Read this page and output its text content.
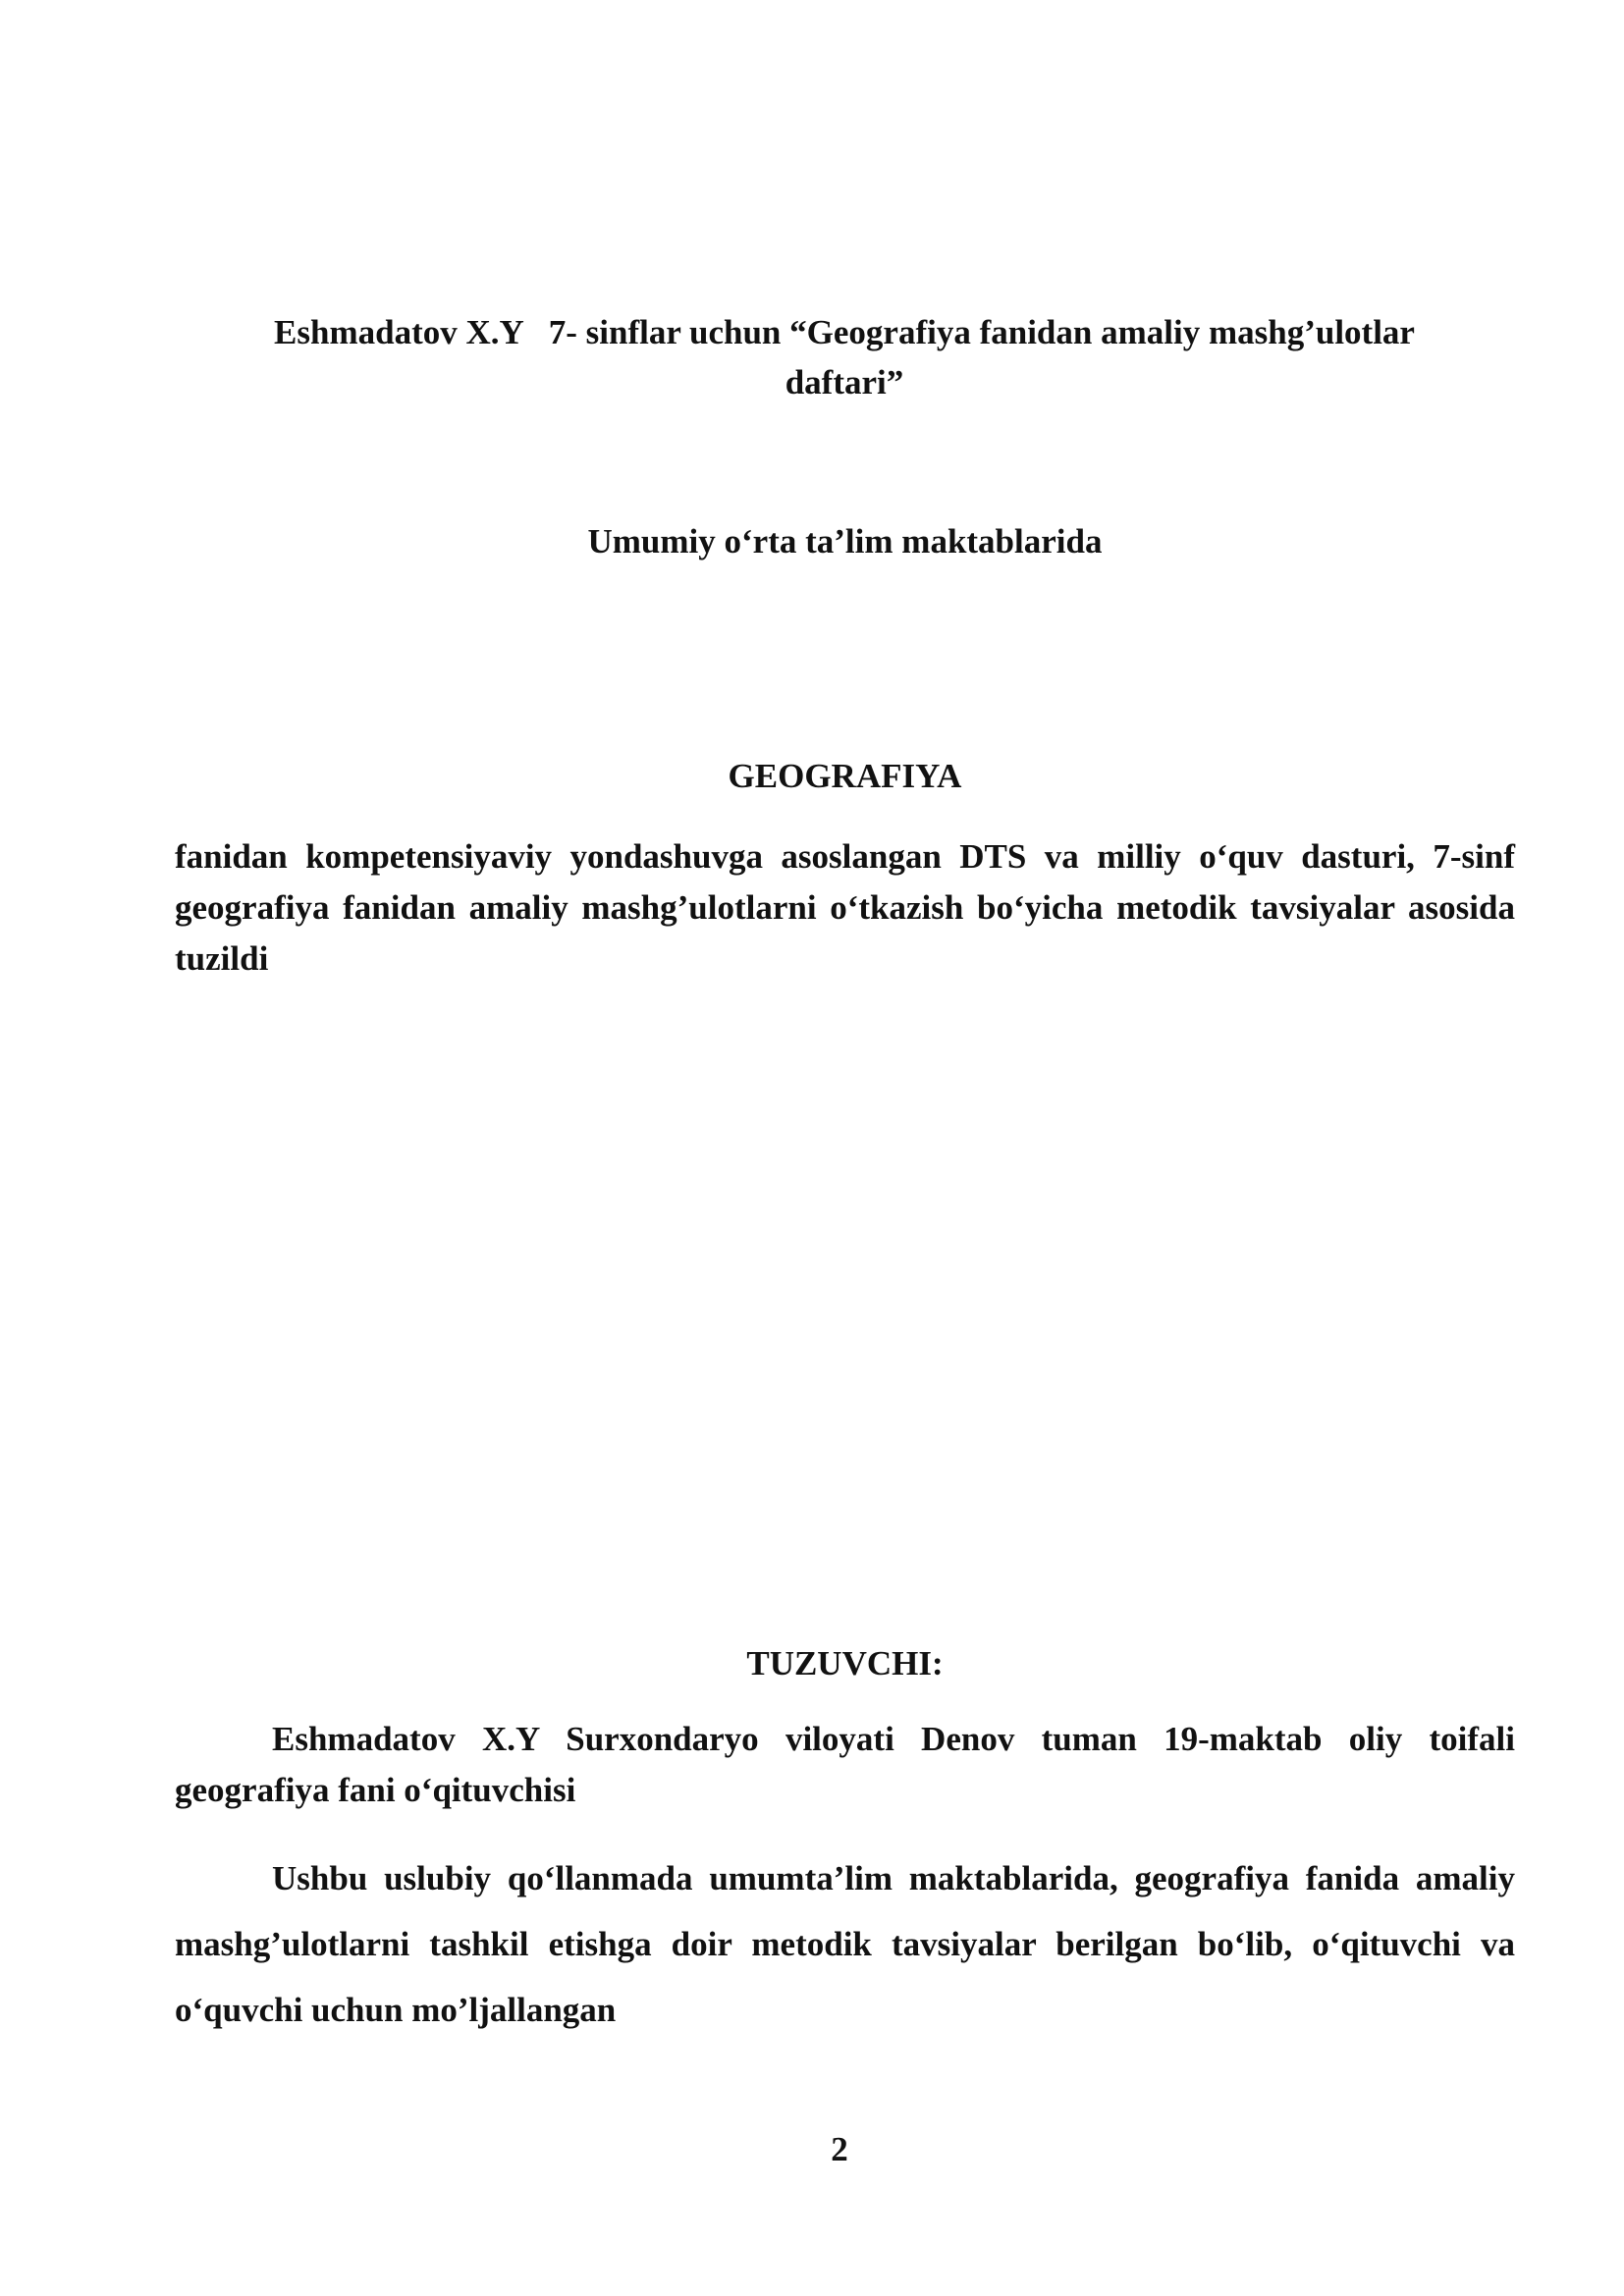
Eshmadatov X.Y   7- sinflar uchun “Geografiya fanidan amaliy mashg’ulotlar
daftari”
Umumiy o‘rta ta’lim maktablarida
GEOGRAFIYA
fanidan kompetensiyaviy yondashuvga asoslangan DTS va milliy o‘quv dasturi, 7-sinf geografiya fanidan amaliy mashg’ulotlarni o‘tkazish bo‘yicha metodik tavsiyalar asosida tuzildi
TUZUVCHI:
Eshmadatov X.Y Surxondaryo viloyati Denov tuman 19-maktab oliy toifali geografiya fani o‘qituvchisi
Ushbu uslubiy qo‘llanmada umumta’lim maktablarida, geografiya fanida amaliy mashg’ulotlarni tashkil etishga doir metodik tavsiyalar berilgan bo‘lib, o‘qituvchi va o‘quvchi uchun mo’ljallangan
2
